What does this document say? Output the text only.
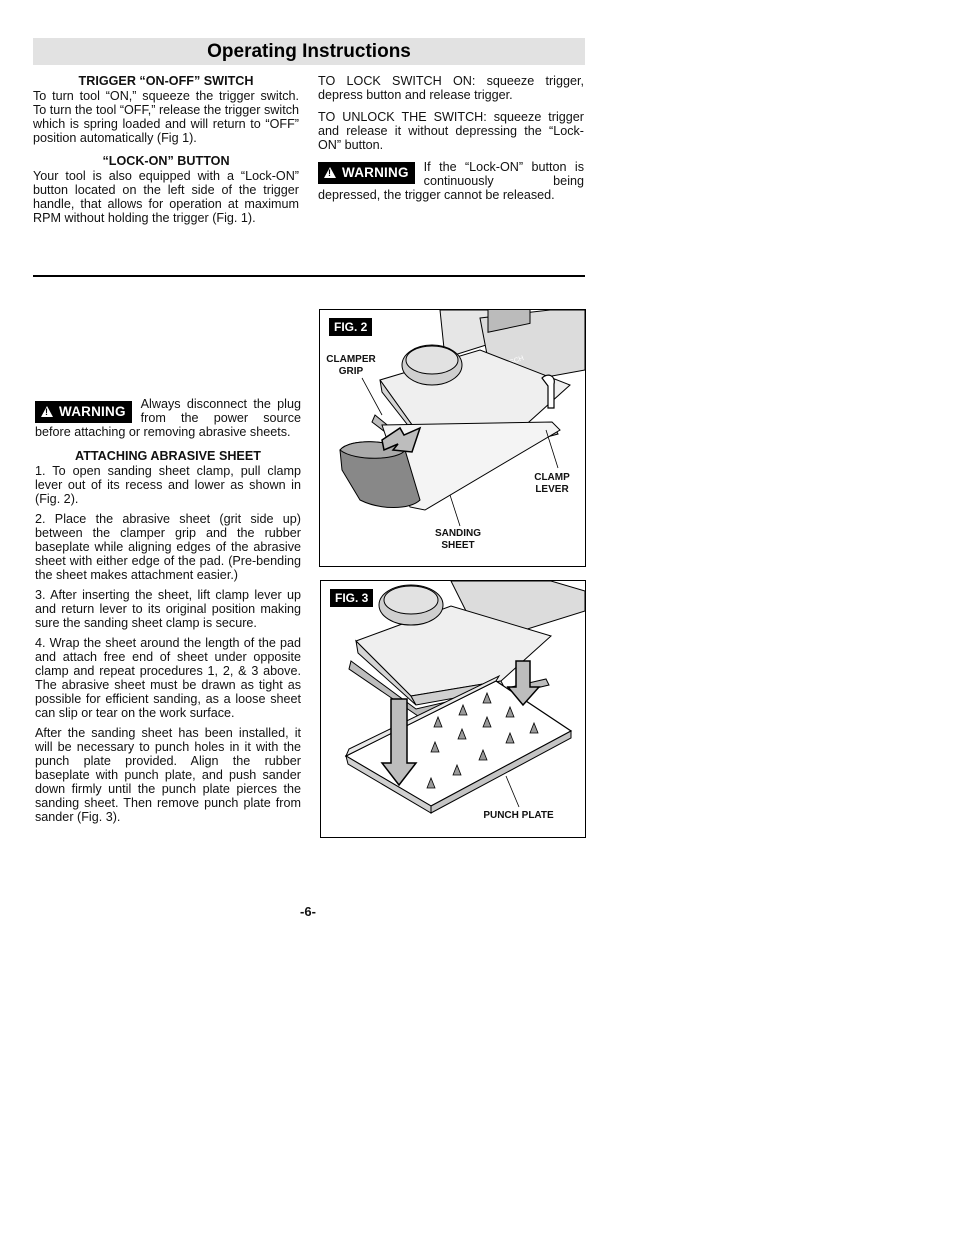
Operating Instructions
TRIGGER “ON-OFF” SWITCH

To turn tool “ON,” squeeze the trigger switch. To turn the tool “OFF,” release the trigger switch which is spring loaded and will return to “OFF” position automatically (Fig 1).

“LOCK-ON” BUTTON

Your tool is also equipped with a “Lock-ON” button located on the left side of the trigger handle, that allows for operation at maximum RPM without holding the trigger (Fig. 1).

TO LOCK SWITCH ON: squeeze trigger, depress button and release trigger.

TO UNLOCK THE SWITCH: squeeze trigger and release it without depressing the “Lock-ON” button.

!WARNING	If the “Lock-ON” button is continuously being depressed, the trigger cannot be released.
!WARNING	Always disconnect the plug from the power source before attaching or removing abrasive sheets.
ATTACHING ABRASIVE SHEET

1. To open sanding sheet clamp, pull clamp lever out of its recess and lower as shown in (Fig. 2).

2. Place the abrasive sheet (grit side up) between the clamper grip and the rubber baseplate while aligning edges of the abrasive sheet with either edge of the pad. (Pre-bending the sheet makes attachment easier.)

3. After inserting the sheet, lift clamp lever up and return lever to its original position making sure the sanding sheet clamp is secure.

4. Wrap the sheet around the length of the pad and attach free end of sheet under opposite clamp and repeat procedures 1, 2, & 3 above. The abrasive sheet must be drawn as tight as possible for efficient sanding, as a loose sheet can slip or tear on the work surface.

After the sanding sheet has been installed, it will be necessary to punch holes in it with the punch plate provided. Align the rubber baseplate with punch plate, and push sander down firmly until the punch plate pierces the sanding sheet. Then remove punch plate from sander (Fig. 3).

FIG. 2
CLAMPER
GRIP
CLAMP
LEVER
SANDING
SHEET
FIG. 3
PUNCH PLATE
-6-
